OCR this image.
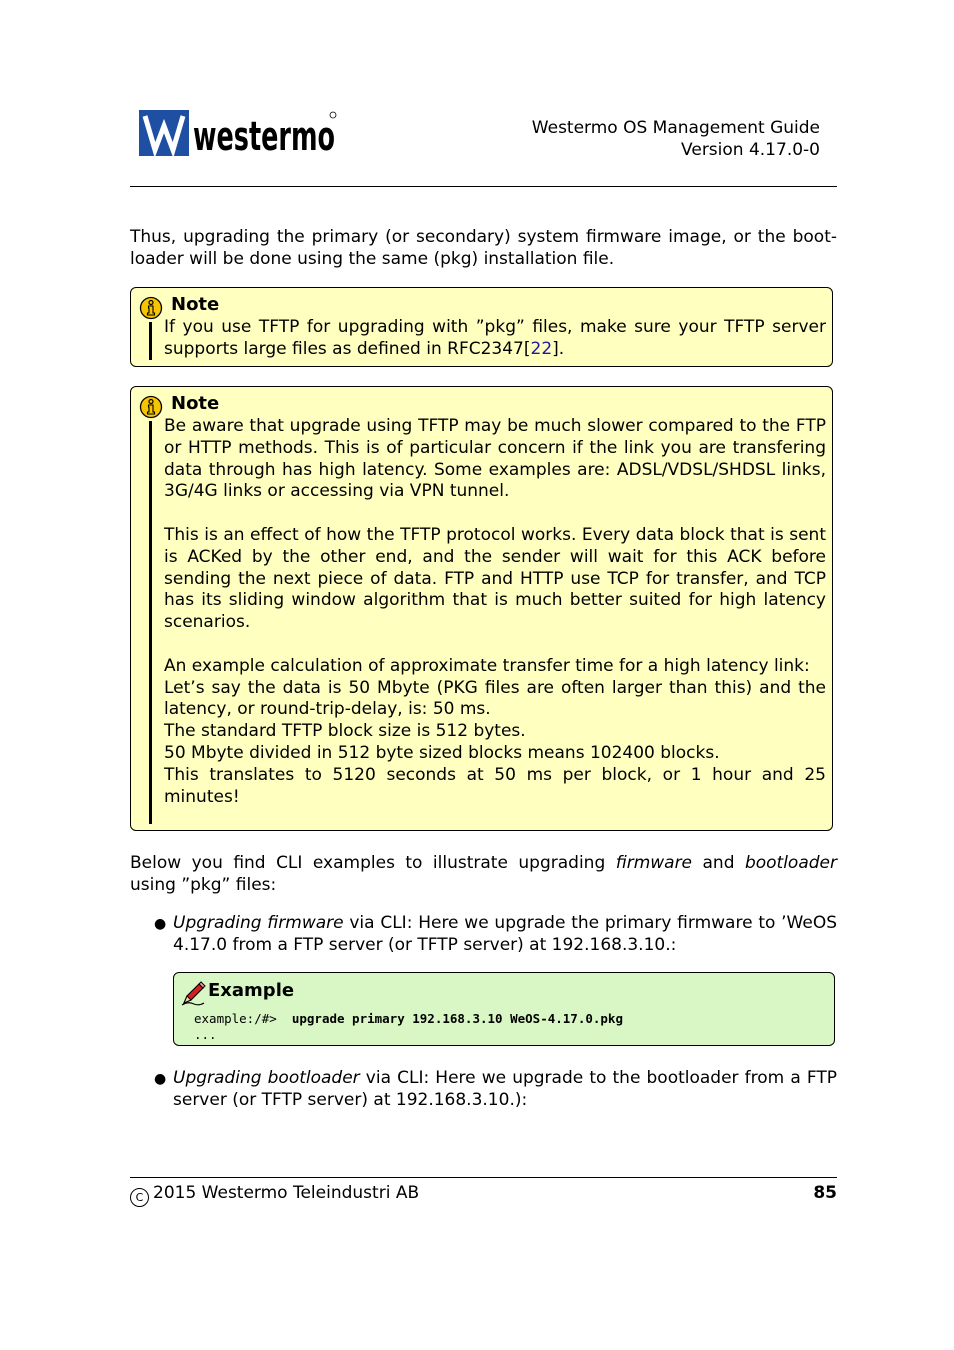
westermo	Westermo OS Management Guide
Version 4.17.0-0
Thus, upgrading the primary (or secondary) system firmware image, or the boot-loader will be done using the same (pkg) installation file.
Note

If you use TFTP for upgrading with ”pkg” files, make sure your TFTP server supports large files as defined in RFC2347[22].

Note

Be aware that upgrade using TFTP may be much slower compared to the FTP or HTTP methods. This is of particular concern if the link you are transfering data through has high latency. Some examples are: ADSL/VDSL/SHDSL links, 3G/4G links or accessing via VPN tunnel.

This is an effect of how the TFTP protocol works. Every data block that is sent is ACKed by the other end, and the sender will wait for this ACK before sending the next piece of data. FTP and HTTP use TCP for transfer, and TCP has its sliding window algorithm that is much better suited for high latency scenarios.

An example calculation of approximate transfer time for a high latency link:
Let’s say the data is 50 Mbyte (PKG files are often larger than this) and the latency, or round-trip-delay, is: 50 ms.
The standard TFTP block size is 512 bytes.
50 Mbyte divided in 512 byte sized blocks means 102400 blocks.
This translates to 5120 seconds at 50 ms per block, or 1 hour and 25 minutes!

Below you find CLI examples to illustrate upgrading firmware and bootloader using ”pkg” files:
● Upgrading firmware via CLI: Here we upgrade the primary firmware to ’WeOS 4.17.0 from a FTP server (or TFTP server) at 192.168.3.10.:
Example
example:/#>  upgrade primary 192.168.3.10 WeOS-4.17.0.pkg
...
● Upgrading bootloader via CLI: Here we upgrade to the bootloader from a FTP server (or TFTP server) at 192.168.3.10.):
C 2015 Westermo Teleindustri AB	85
